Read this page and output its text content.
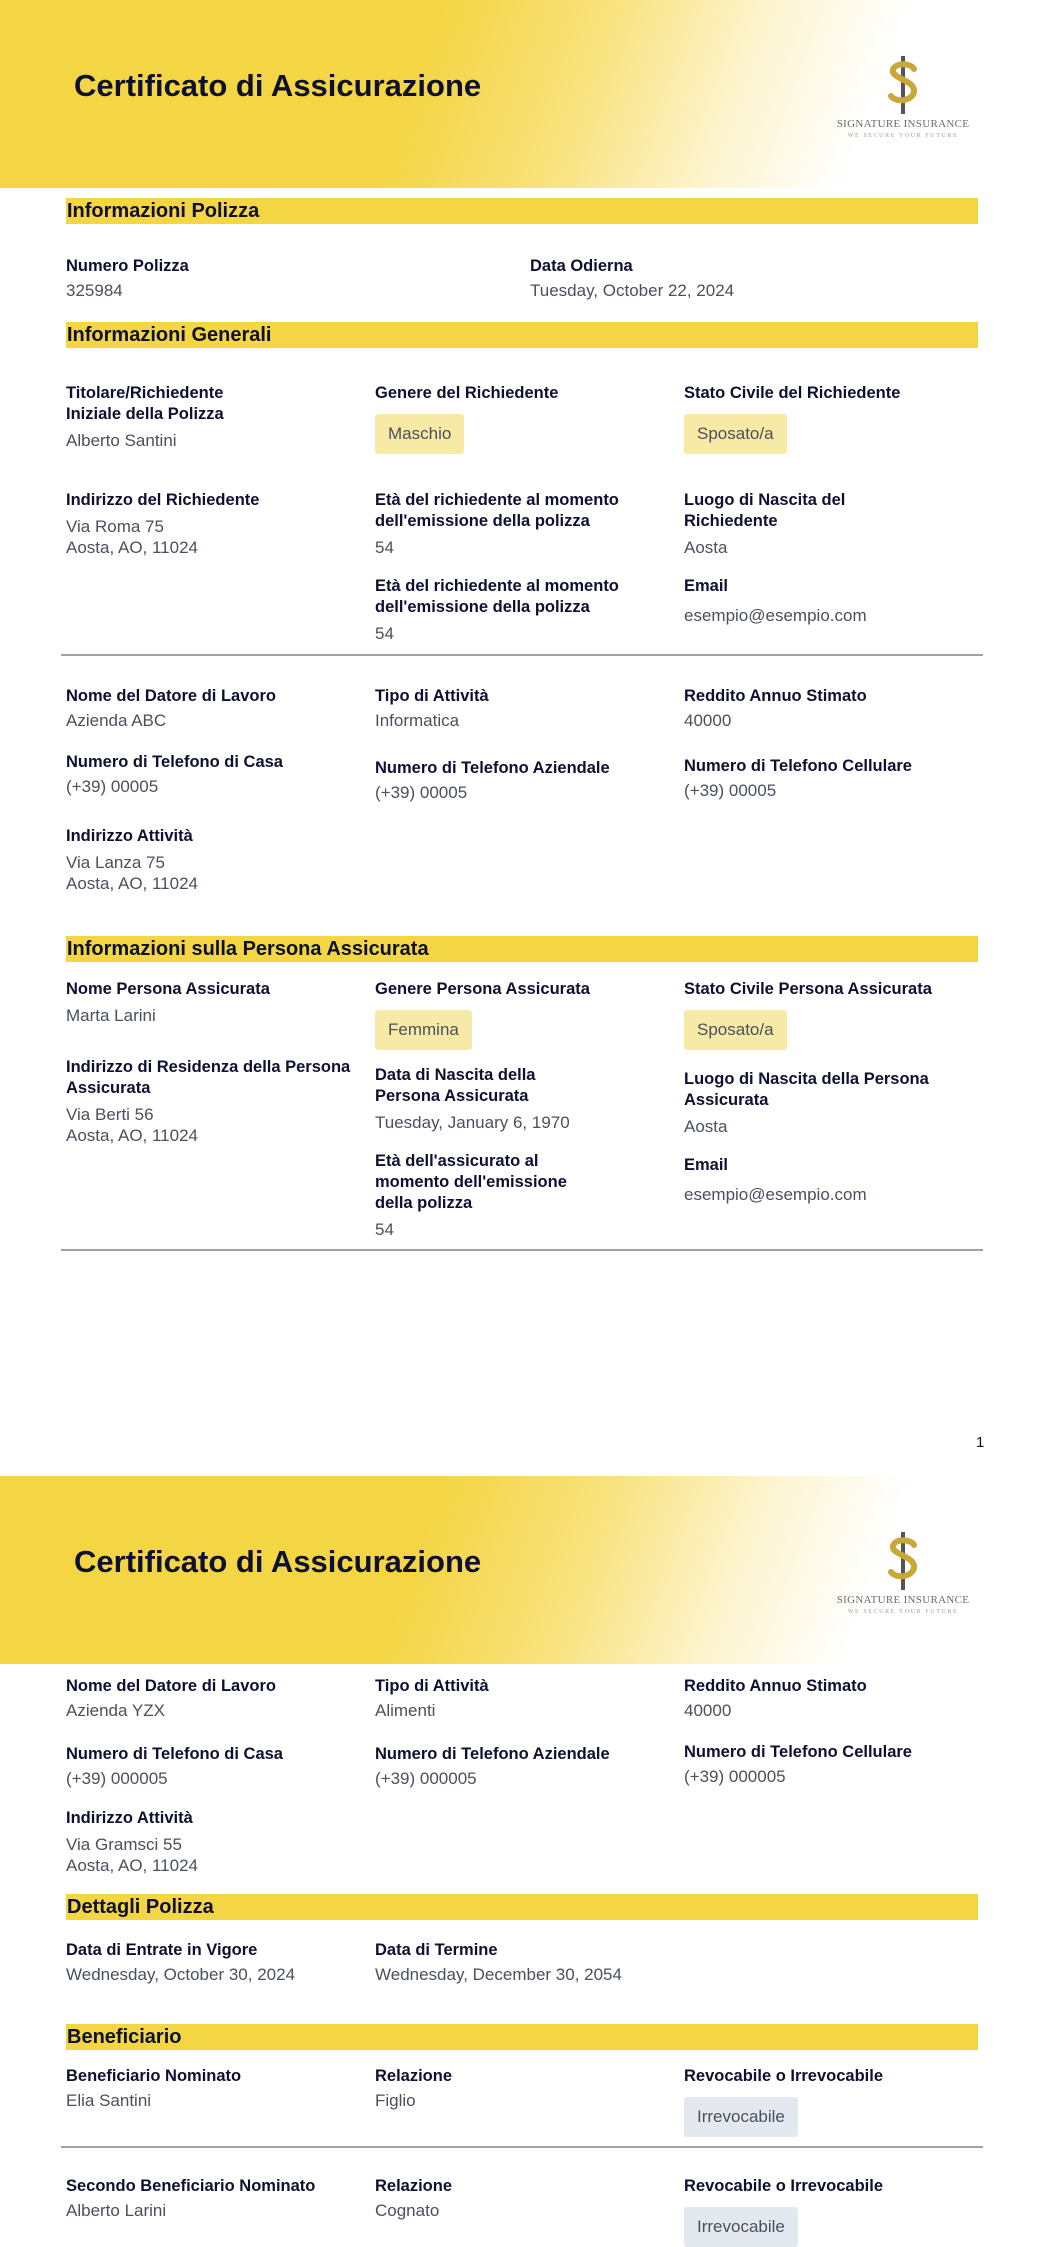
Certificato di Assicurazione
SIGNATURE INSURANCE
WE SECURE YOUR FUTURE
Informazioni Polizza
Numero Polizza
325984
Data Odierna
Tuesday, October 22, 2024
Informazioni Generali
Titolare/Richiedente
Iniziale della Polizza
Alberto Santini
Genere del Richiedente
Maschio
Stato Civile del Richiedente
Sposato/a
Indirizzo del Richiedente
Via Roma 75
Aosta, AO, 11024
Età del richiedente al momento
dell'emissione della polizza
54
Luogo di Nascita del
Richiedente
Aosta
Età del richiedente al momento
dell'emissione della polizza
54
Email
esempio@esempio.com
Nome del Datore di Lavoro
Azienda ABC
Tipo di Attività
Informatica
Reddito Annuo Stimato
40000
Numero di Telefono di Casa
(+39) 00005
Numero di Telefono Aziendale
(+39) 00005
Numero di Telefono Cellulare
(+39) 00005
Indirizzo Attività
Via Lanza 75
Aosta, AO, 11024
Informazioni sulla Persona Assicurata
Nome Persona Assicurata
Marta Larini
Genere Persona Assicurata
Femmina
Stato Civile Persona Assicurata
Sposato/a
Indirizzo di Residenza della Persona
Assicurata
Via Berti 56
Aosta, AO, 11024
Data di Nascita della
Persona Assicurata
Tuesday, January 6, 1970
Luogo di Nascita della Persona
Assicurata
Aosta
Età dell'assicurato al
momento dell'emissione
della polizza
54
Email
esempio@esempio.com
1
Certificato di Assicurazione
SIGNATURE INSURANCE
WE SECURE YOUR FUTURE
Nome del Datore di Lavoro
Azienda YZX
Tipo di Attività
Alimenti
Reddito Annuo Stimato
40000
Numero di Telefono di Casa
(+39) 000005
Numero di Telefono Aziendale
(+39) 000005
Numero di Telefono Cellulare
(+39) 000005
Indirizzo Attività
Via Gramsci 55
Aosta, AO, 11024
Dettagli Polizza
Data di Entrate in Vigore
Wednesday, October 30, 2024
Data di Termine
Wednesday, December 30, 2054
Beneficiario
Beneficiario Nominato
Elia Santini
Relazione
Figlio
Revocabile o Irrevocabile
Irrevocabile
Secondo Beneficiario Nominato
Alberto Larini
Relazione
Cognato
Revocabile o Irrevocabile
Irrevocabile
